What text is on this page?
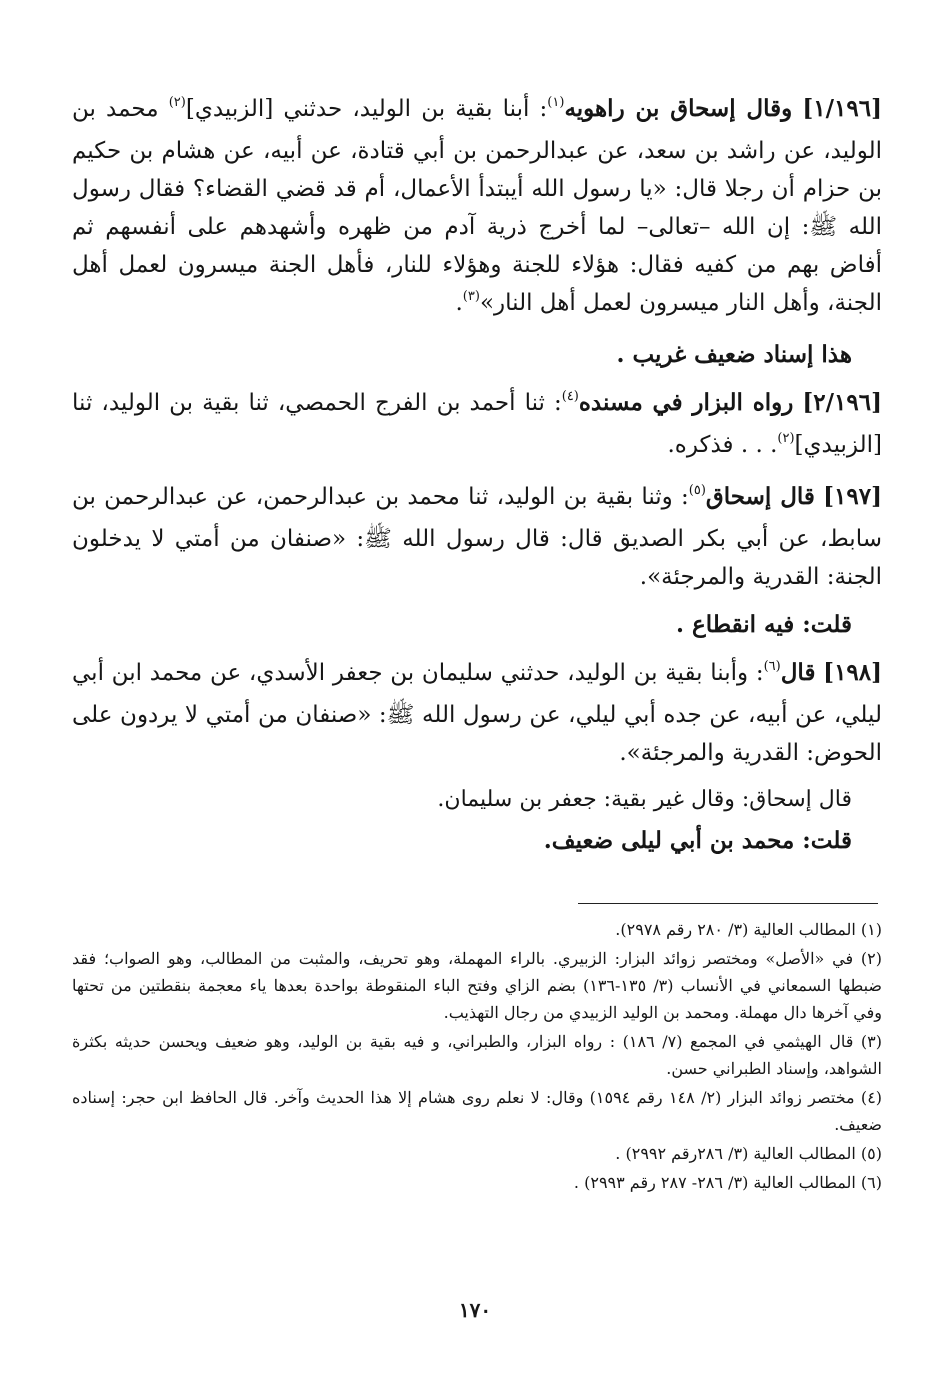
[١/١٩٦] وقال إسحاق بن راهويه$^{(١)}$: أبنا بقية بن الوليد، حدثني [الزبيدي]$^{(٢)}$ محمد بن الوليد، عن راشد بن سعد، عن عبدالرحمن بن أبي قتادة، عن أبيه، عن هشام بن حكيم بن حزام أن رجلا قال: «يا رسول الله أيبتدأ الأعمال، أم قد قضي القضاء؟ فقال رسول الله ﷺ: إن الله –تعالى– لما أخرج ذرية آدم من ظهره وأشهدهم على أنفسهم ثم أفاض بهم من كفيه فقال: هؤلاء للجنة وهؤلاء للنار، فأهل الجنة ميسرون لعمل أهل الجنة، وأهل النار ميسرون لعمل أهل النار»$^{(٣)}$.

هذا إسناد ضعيف غريب .

[٢/١٩٦] رواه البزار في مسنده$^{(٤)}$: ثنا أحمد بن الفرج الحمصي، ثنا بقية بن الوليد، ثنا [الزبيدي]$^{(٢)}$. . . فذكره.

[١٩٧] قال إسحاق$^{(٥)}$: وثنا بقية بن الوليد، ثنا محمد بن عبدالرحمن، عن عبدالرحمن بن سابط، عن أبي بكر الصديق قال: قال رسول الله ﷺ: «صنفان من أمتي لا يدخلون الجنة: القدرية والمرجئة».

قلت: فيه انقطاع .

[١٩٨] قال$^{(٦)}$: وأبنا بقية بن الوليد، حدثني سليمان بن جعفر الأسدي، عن محمد ابن أبي ليلي، عن أبيه، عن جده أبي ليلي، عن رسول الله ﷺ: «صنفان من أمتي لا يردون على الحوض: القدرية والمرجئة».

قال إسحاق: وقال غير بقية: جعفر بن سليمان.

قلت: محمد بن أبي ليلى ضعيف.

(١) المطالب العالية (٣/ ٢٨٠ رقم ٢٩٧٨).

(٢) في «الأصل» ومختصر زوائد البزار: الزبيري. بالراء المهملة، وهو تحريف، والمثبت من المطالب، وهو الصواب؛ فقد ضبطها السمعاني في الأنساب (٣/ ١٣٥-١٣٦) بضم الزاي وفتح الباء المنقوطة بواحدة بعدها ياء معجمة بنقطتين من تحتها وفي آخرها دال مهملة. ومحمد بن الوليد الزبيدي من رجال التهذيب.

(٣) قال الهيثمي في المجمع (٧/ ١٨٦) : رواه البزار، والطبراني، و فيه بقية بن الوليد، وهو ضعيف ويحسن حديثه بكثرة الشواهد، وإسناد الطبراني حسن.

(٤) مختصر زوائد البزار (٢/ ١٤٨ رقم ١٥٩٤) وقال: لا نعلم روى هشام إلا هذا الحديث وآخر. قال الحافظ ابن حجر: إسناده ضعيف.

(٥) المطالب العالية (٣/ ٢٨٦رقم ٢٩٩٢) .

(٦) المطالب العالية (٣/ ٢٨٦- ٢٨٧ رقم ٢٩٩٣) .

١٧٠
